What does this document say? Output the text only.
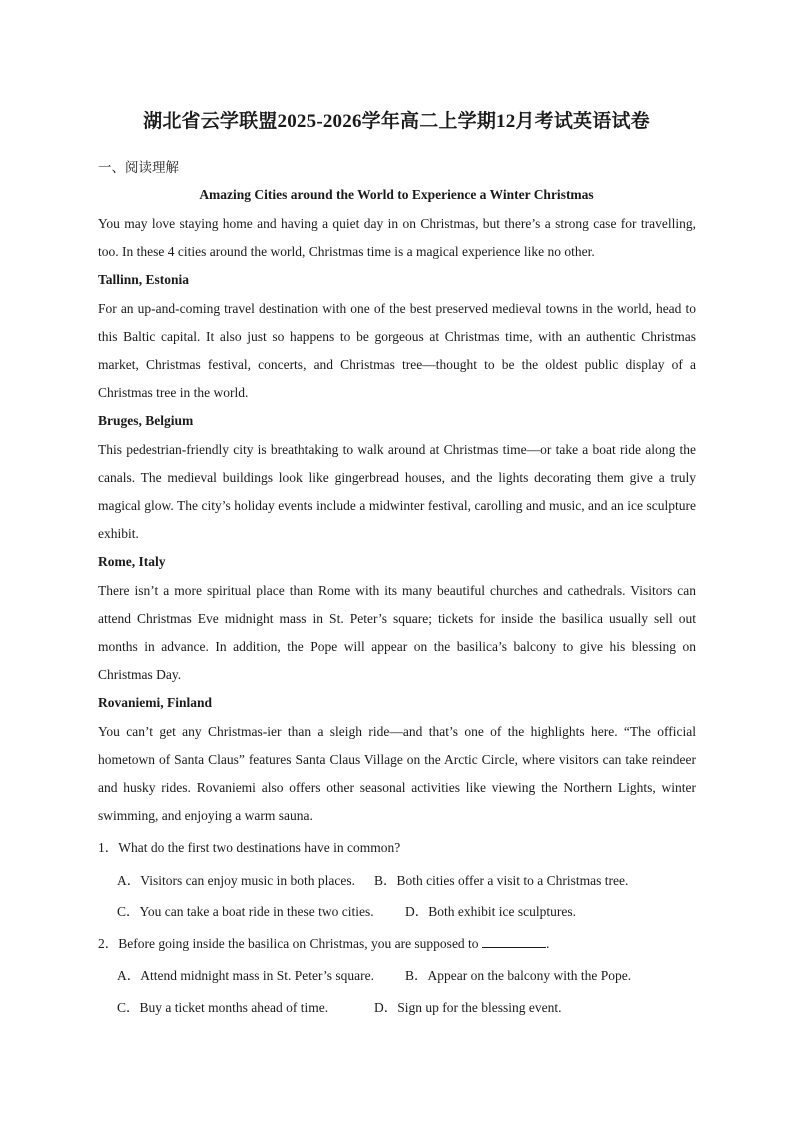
湖北省云学联盟2025-2026学年高二上学期12月考试英语试卷
一、阅读理解
Amazing Cities around the World to Experience a Winter Christmas

You may love staying home and having a quiet day in on Christmas, but there’s a strong case for travelling, too. In these 4 cities around the world, Christmas time is a magical experience like no other.

Tallinn, Estonia

For an up-and-coming travel destination with one of the best preserved medieval towns in the world, head to this Baltic capital. It also just so happens to be gorgeous at Christmas time, with an authentic Christmas market, Christmas festival, concerts, and Christmas tree—thought to be the oldest public display of a Christmas tree in the world.

Bruges, Belgium

This pedestrian-friendly city is breathtaking to walk around at Christmas time—or take a boat ride along the canals. The medieval buildings look like gingerbread houses, and the lights decorating them give a truly magical glow. The city’s holiday events include a midwinter festival, carolling and music, and an ice sculpture exhibit.

Rome, Italy

There isn’t a more spiritual place than Rome with its many beautiful churches and cathedrals. Visitors can attend Christmas Eve midnight mass in St. Peter’s square; tickets for inside the basilica usually sell out months in advance. In addition, the Pope will appear on the basilica’s balcony to give his blessing on Christmas Day.

Rovaniemi, Finland

You can’t get any Christmas-ier than a sleigh ride—and that’s one of the highlights here. “The official hometown of Santa Claus” features Santa Claus Village on the Arctic Circle, where visitors can take reindeer and husky rides. Rovaniemi also offers other seasonal activities like viewing the Northern Lights, winter swimming, and enjoying a warm sauna.

1．What do the first two destinations have in common?
A．Visitors can enjoy music in both places. B．Both cities offer a visit to a Christmas tree.
C．You can take a boat ride in these two cities. D．Both exhibit ice sculptures.
2．Before going inside the basilica on Christmas, you are supposed to	.
A．Attend midnight mass in St. Peter’s square. B．Appear on the balcony with the Pope.
C．Buy a ticket months ahead of time.	D．Sign up for the blessing event.
